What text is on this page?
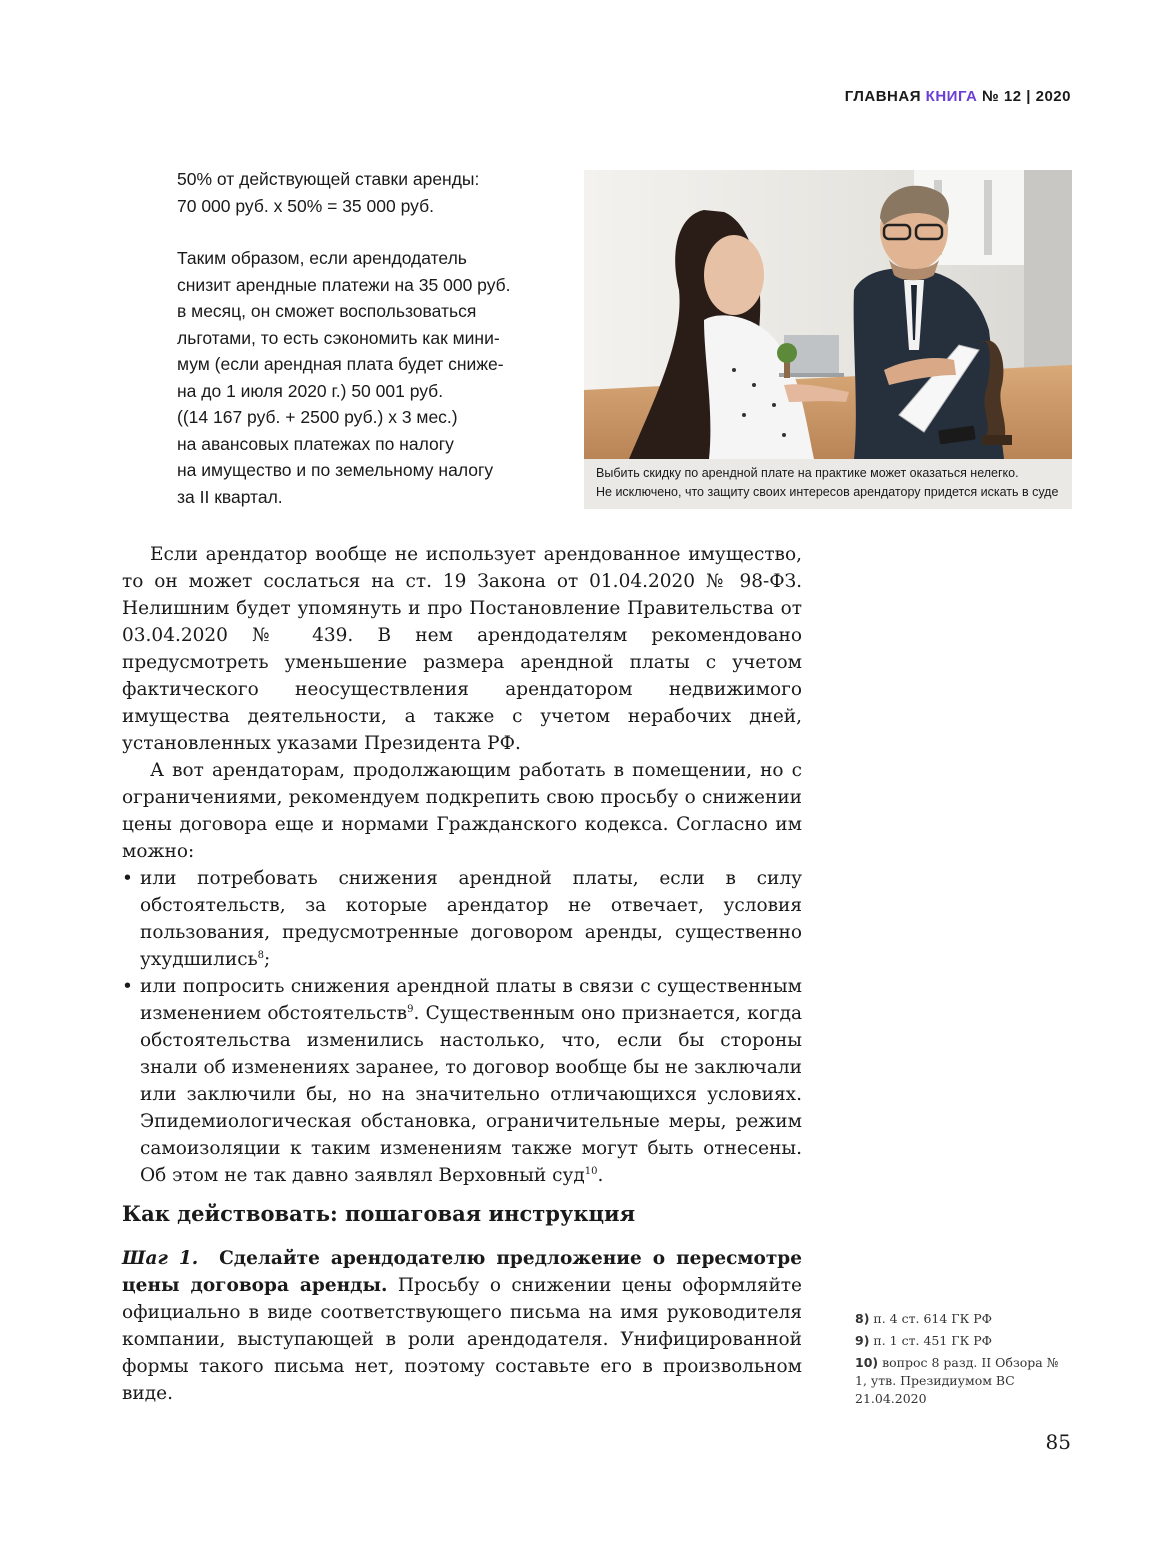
ГЛАВНАЯ КНИГА № 12 | 2020

50% от действующей ставки аренды:
70 000 руб. x 50% = 35 000 руб.

Таким образом, если арендодатель
снизит арендные платежи на 35 000 руб.
в месяц, он сможет воспользоваться
льготами, то есть сэкономить как мини-
мум (если арендная плата будет сниже-
на до 1 июля 2020 г.) 50 001 руб.
((14 167 руб. + 2500 руб.) x 3 мес.)
на авансовых платежах по налогу
на имущество и по земельному налогу
за II квартал.

Выбить скидку по арендной плате на практике может оказаться нелегко.
Не исключено, что защиту своих интересов арендатору придется искать в суде

Если арендатор вообще не использует арендованное имущество, то он может сослаться на ст. 19 Закона от 01.04.2020 № 98-ФЗ. Нелишним будет упомянуть и про Постановление Правительства от 03.04.2020 № 439. В нем арендодателям рекомендовано предусмотреть уменьшение размера арендной платы с учетом фактического неосуществления арендатором недвижимого имущества деятельности, а также с учетом нерабочих дней, установленных указами Президента РФ.

А вот арендаторам, продолжающим работать в помещении, но с ограничениями, рекомендуем подкрепить свою просьбу о снижении цены договора еще и нормами Гражданского кодекса. Согласно им можно:

• или потребовать снижения арендной платы, если в силу обстоятельств, за которые арендатор не отвечает, условия пользования, предусмотренные договором аренды, существенно ухудшились$^8$;
• или попросить снижения арендной платы в связи с существенным изменением обстоятельств$^9$. Существенным оно признается, когда обстоятельства изменились настолько, что, если бы стороны знали об изменениях заранее, то договор вообще бы не заключали или заключили бы, но на значительно отличающихся условиях. Эпидемиологическая обстановка, ограничительные меры, режим самоизоляции к таким изменениям также могут быть отнесены. Об этом не так давно заявлял Верховный суд$^{10}$.
Как действовать: пошаговая инструкция

Шаг 1. Сделайте арендодателю предложение о пересмотре цены договора аренды. Просьбу о снижении цены оформляйте официально в виде соответствующего письма на имя руководителя компании, выступающей в роли арендодателя. Унифицированной формы такого письма нет, поэтому составьте его в произвольном виде.

8) п. 4 ст. 614 ГК РФ
9) п. 1 ст. 451 ГК РФ
10) вопрос 8 разд. II Обзора № 1, утв. Президиумом ВС 21.04.2020
85
